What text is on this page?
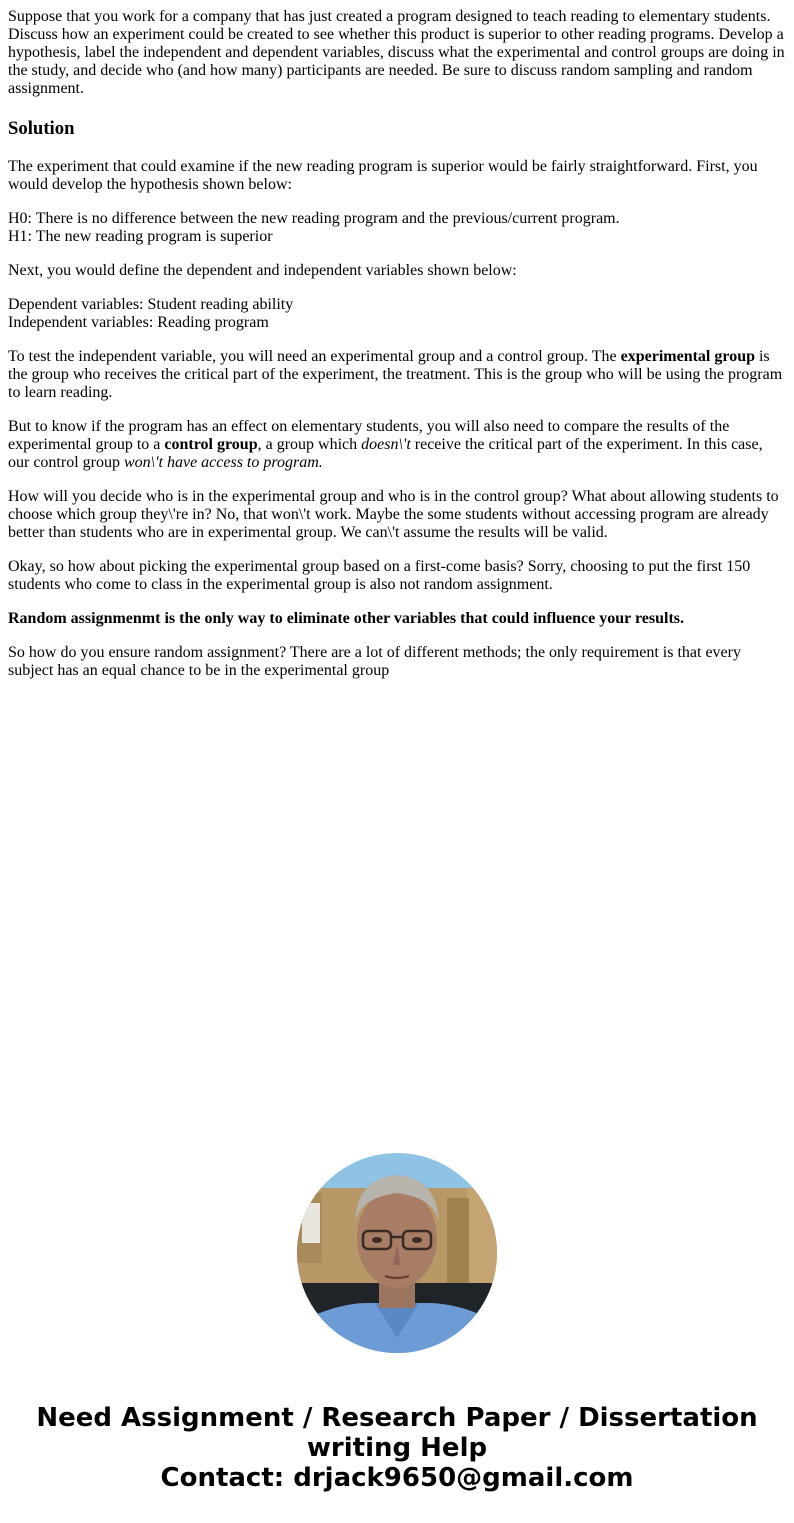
Suppose that you work for a company that has just created a program designed to teach reading to elementary students. Discuss how an experiment could be created to see whether this product is superior to other reading programs. Develop a hypothesis, label the independent and dependent variables, discuss what the experimental and control groups are doing in the study, and decide who (and how many) participants are needed. Be sure to discuss random sampling and random assignment.

Solution

The experiment that could examine if the new reading program is superior would be fairly straightforward. First, you would develop the hypothesis shown below:

H0: There is no difference between the new reading program and the previous/current program.
H1: The new reading program is superior

Next, you would define the dependent and independent variables shown below:

Dependent variables: Student reading ability
Independent variables: Reading program

To test the independent variable, you will need an experimental group and a control group. The experimental group is the group who receives the critical part of the experiment, the treatment. This is the group who will be using the program to learn reading.

But to know if the program has an effect on elementary students, you will also need to compare the results of the experimental group to a control group, a group which doesn\'t receive the critical part of the experiment. In this case, our control group won\'t have access to program.

How will you decide who is in the experimental group and who is in the control group? What about allowing students to choose which group they\'re in? No, that won\'t work. Maybe the some students without accessing program are already better than students who are in experimental group. We can\'t assume the results will be valid.

Okay, so how about picking the experimental group based on a first-come basis? Sorry, choosing to put the first 150 students who come to class in the experimental group is also not random assignment.

Random assignmenmt is the only way to eliminate other variables that could influence your results.

So how do you ensure random assignment? There are a lot of different methods; the only requirement is that every subject has an equal chance to be in the experimental group

Need Assignment / Research Paper / Dissertation
writing Help
Contact: drjack9650@gmail.com
